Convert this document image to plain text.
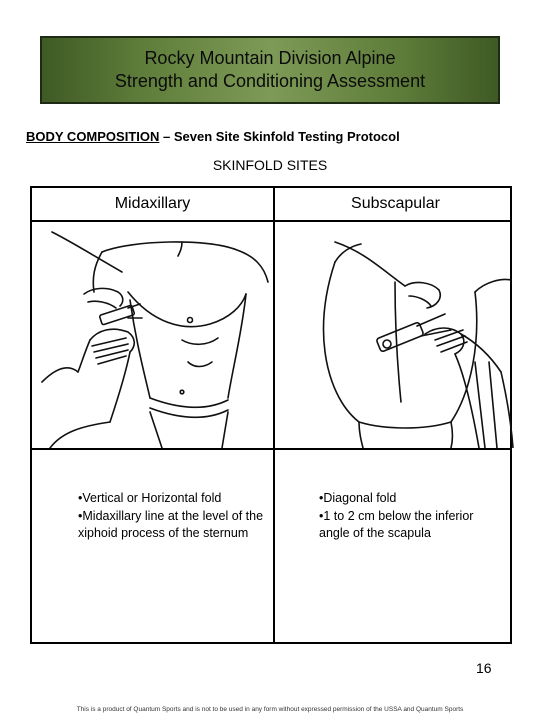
Rocky Mountain Division Alpine
Strength and Conditioning Assessment
BODY COMPOSITION – Seven Site Skinfold Testing Protocol
SKINFOLD SITES
Midaxillary	Subscapular
•Vertical or Horizontal fold
•Midaxillary line at the level of the xiphoid process of the sternum
•Diagonal fold
•1 to 2 cm below the inferior angle of the scapula
16
This is a product of Quantum Sports and is not to be used in any form without expressed permission of the USSA and Quantum Sports
